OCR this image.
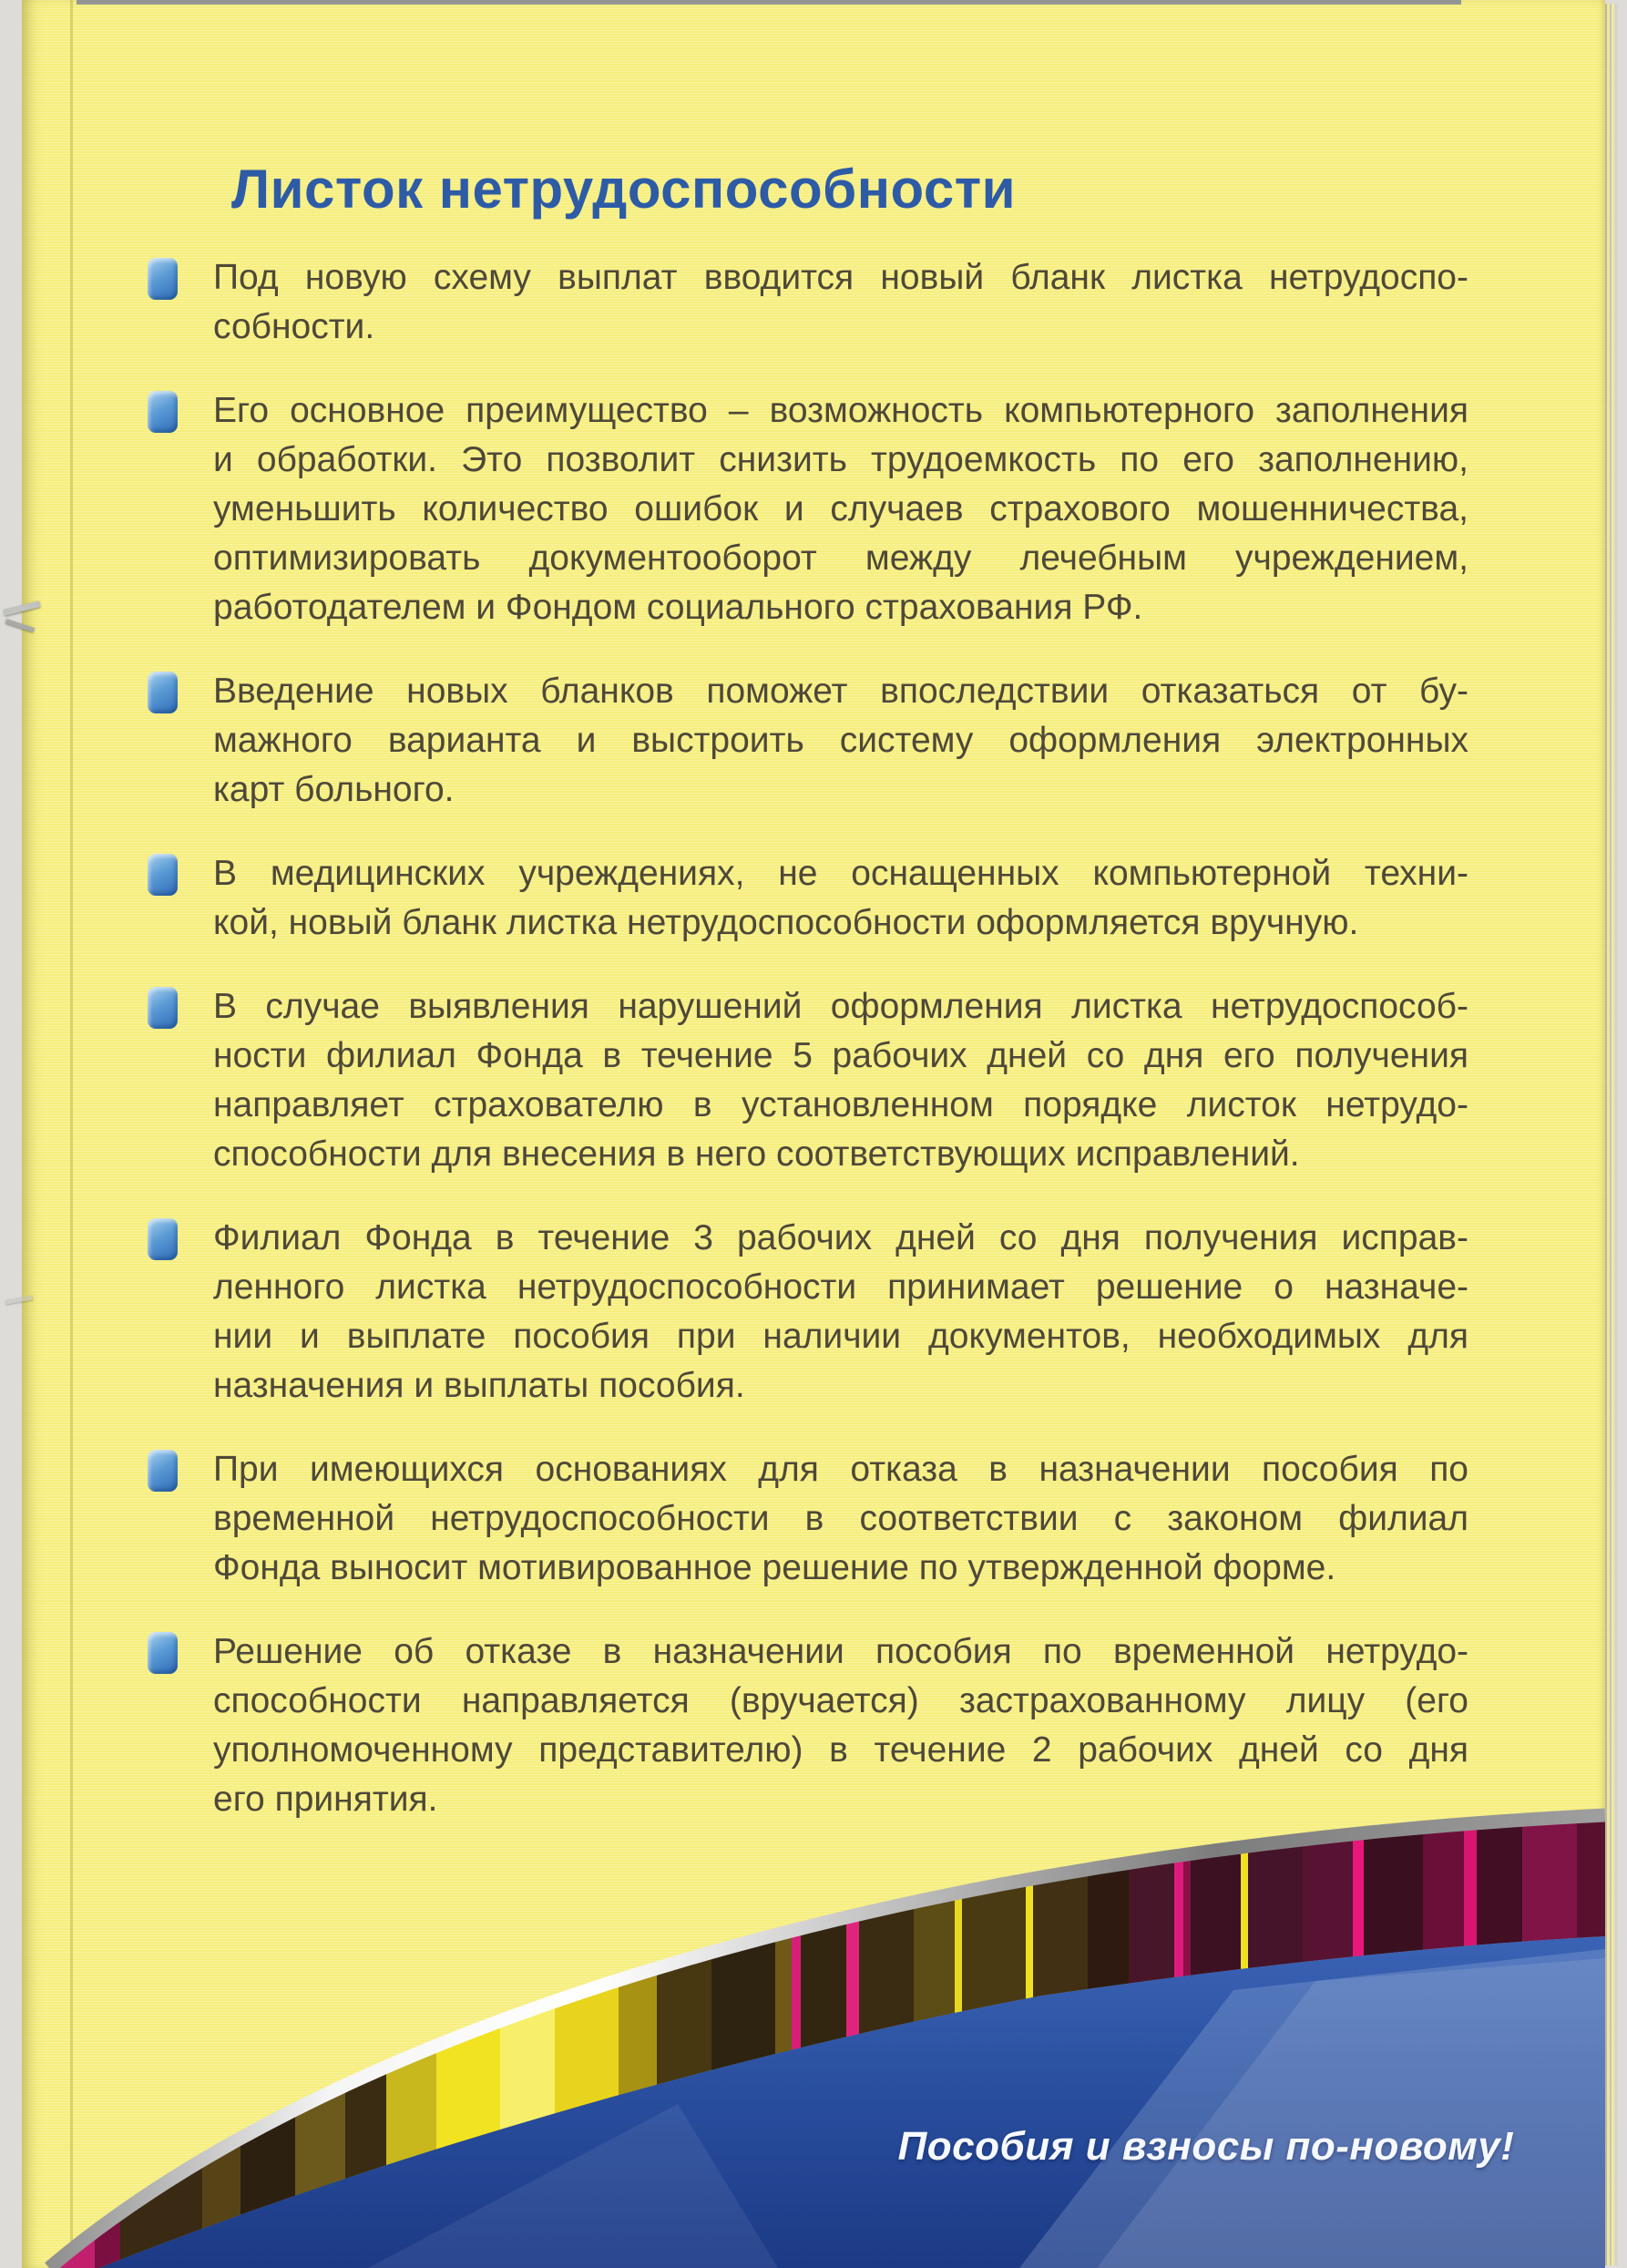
Листок нетрудоспособности
Под новую схему выплат вводится новый бланк листка нетрудоспо-
собности.
Его основное преимущество – возможность компьютерного заполнения
и обработки. Это позволит снизить трудоемкость по его заполнению,
уменьшить количество ошибок и случаев страхового мошенничества,
оптимизировать документооборот между лечебным учреждением,
работодателем и Фондом социального страхования РФ.
Введение новых бланков поможет впоследствии отказаться от бу-
мажного варианта и выстроить систему оформления электронных
карт больного.
В медицинских учреждениях, не оснащенных компьютерной техни-
кой, новый бланк листка нетрудоспособности оформляется вручную.
В случае выявления нарушений оформления листка нетрудоспособ-
ности филиал Фонда в течение 5 рабочих дней со дня его получения
направляет страхователю в установленном порядке листок нетрудо-
способности для внесения в него соответствующих исправлений.
Филиал Фонда в течение 3 рабочих дней со дня получения исправ-
ленного листка нетрудоспособности принимает решение о назначе-
нии и выплате пособия при наличии документов, необходимых для
назначения и выплаты пособия.
При имеющихся основаниях для отказа в назначении пособия по
временной нетрудоспособности в соответствии с законом филиал
Фонда выносит мотивированное решение по утвержденной форме.
Решение об отказе в назначении пособия по временной нетрудо-
способности направляется (вручается) застрахованному лицу (его
уполномоченному представителю) в течение 2 рабочих дней со дня
его принятия.
Пособия и взносы по-новому!
